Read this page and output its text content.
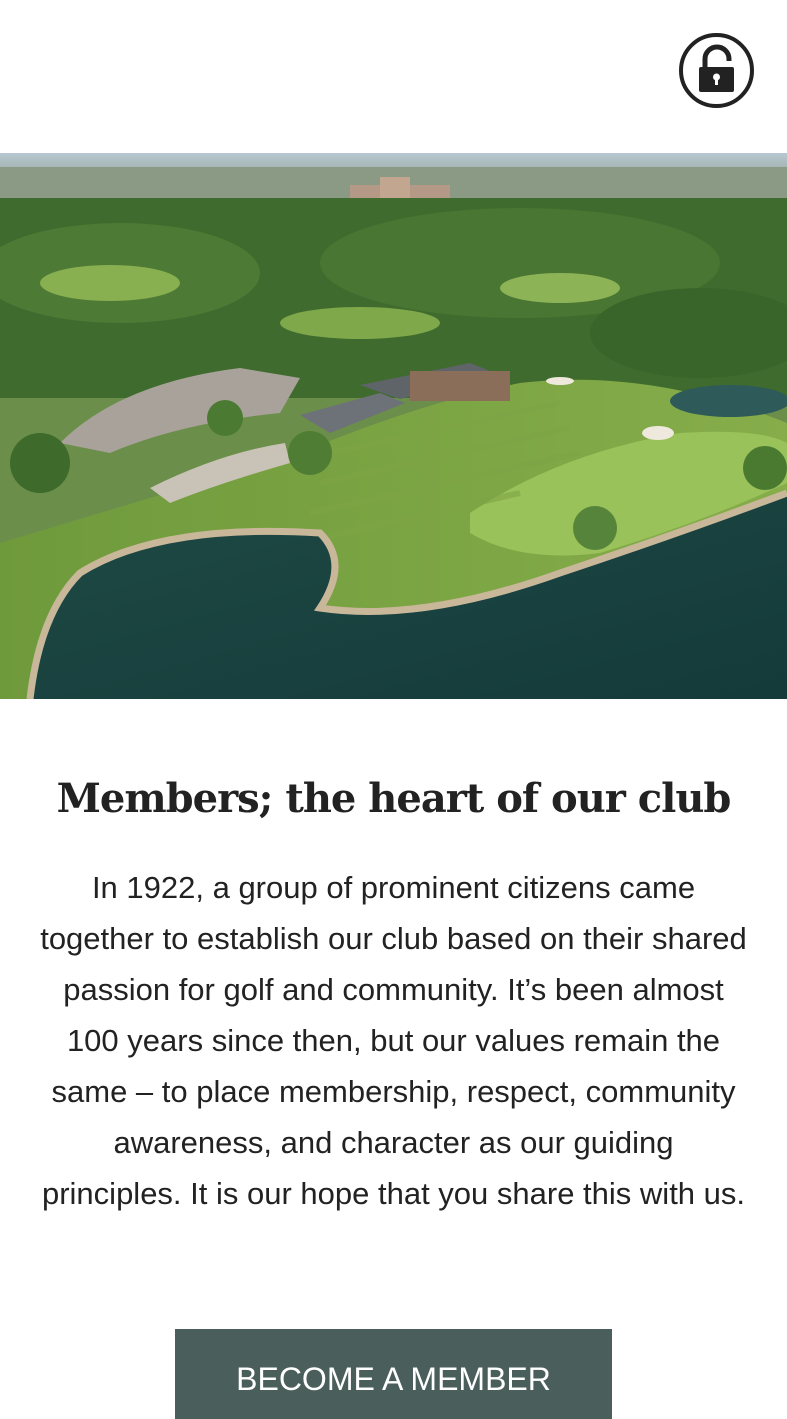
Members; the heart of our club

In 1922, a group of prominent citizens came together to establish our club based on their shared passion for golf and community. It’s been almost 100 years since then, but our values remain the same – to place membership, respect, community awareness, and character as our guiding principles. It is our hope that you share this with us.

BECOME A MEMBER
